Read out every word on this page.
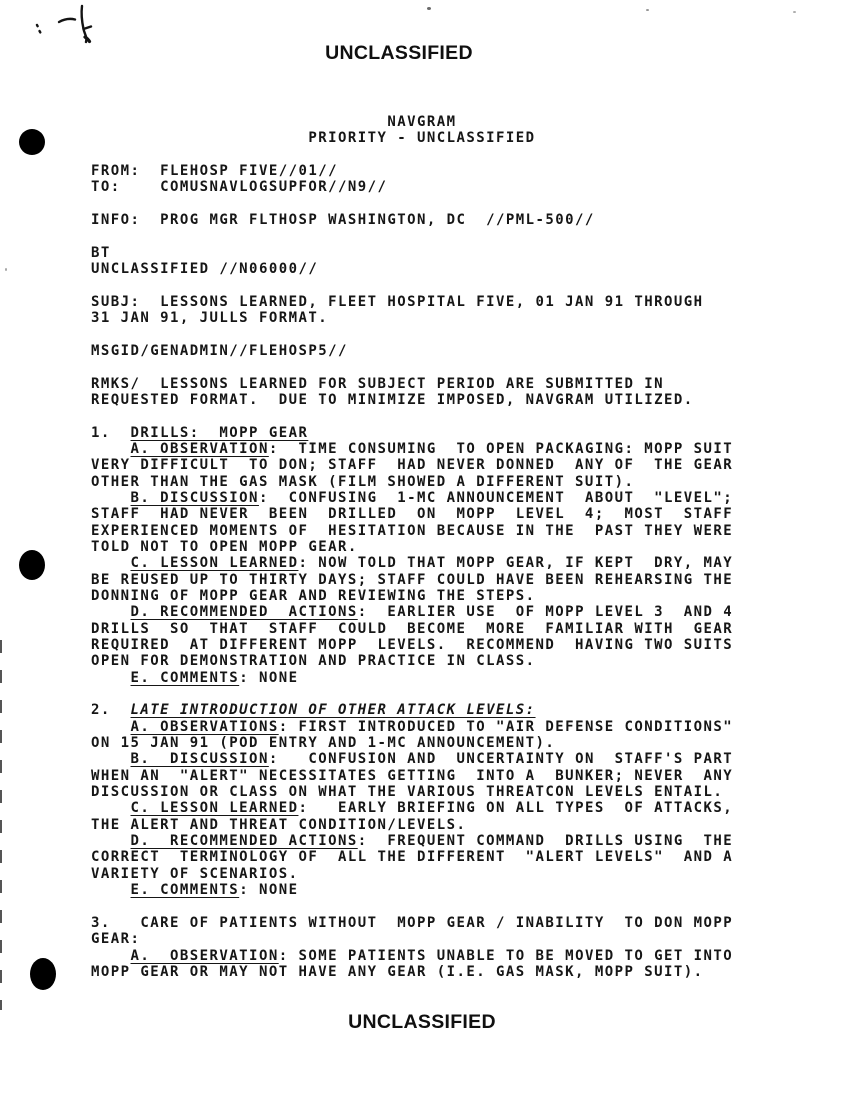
UNCLASSIFIED
NAVGRAM
PRIORITY - UNCLASSIFIED

FROM:  FLEHOSP FIVE//01//
TO:    COMUSNAVLOGSUPFOR//N9//

INFO:  PROG MGR FLTHOSP WASHINGTON, DC  //PML-500//

BT
UNCLASSIFIED //N06000//

SUBJ:  LESSONS LEARNED, FLEET HOSPITAL FIVE, 01 JAN 91 THROUGH
31 JAN 91, JULLS FORMAT.

MSGID/GENADMIN//FLEHOSP5//

RMKS/  LESSONS LEARNED FOR SUBJECT PERIOD ARE SUBMITTED IN
REQUESTED FORMAT.  DUE TO MINIMIZE IMPOSED, NAVGRAM UTILIZED.

1.  DRILLS:  MOPP GEAR
A. OBSERVATION:  TIME CONSUMING  TO OPEN PACKAGING: MOPP SUIT
VERY DIFFICULT  TO DON; STAFF  HAD NEVER DONNED  ANY OF  THE GEAR
OTHER THAN THE GAS MASK (FILM SHOWED A DIFFERENT SUIT).
B. DISCUSSION:  CONFUSING  1-MC ANNOUNCEMENT  ABOUT  "LEVEL";
STAFF  HAD NEVER  BEEN  DRILLED  ON  MOPP  LEVEL  4;  MOST  STAFF
EXPERIENCED MOMENTS OF  HESITATION BECAUSE IN THE  PAST THEY WERE
TOLD NOT TO OPEN MOPP GEAR.
C. LESSON LEARNED: NOW TOLD THAT MOPP GEAR, IF KEPT  DRY, MAY
BE REUSED UP TO THIRTY DAYS; STAFF COULD HAVE BEEN REHEARSING THE
DONNING OF MOPP GEAR AND REVIEWING THE STEPS.
D. RECOMMENDED  ACTIONS:  EARLIER USE  OF MOPP LEVEL 3  AND 4
DRILLS  SO  THAT  STAFF  COULD  BECOME  MORE  FAMILIAR WITH  GEAR
REQUIRED  AT DIFFERENT MOPP  LEVELS.  RECOMMEND  HAVING TWO SUITS
OPEN FOR DEMONSTRATION AND PRACTICE IN CLASS.
E. COMMENTS: NONE

2.  LATE INTRODUCTION OF OTHER ATTACK LEVELS:
A. OBSERVATIONS: FIRST INTRODUCED TO "AIR DEFENSE CONDITIONS"
ON 15 JAN 91 (POD ENTRY AND 1-MC ANNOUNCEMENT).
B.  DISCUSSION:   CONFUSION AND  UNCERTAINTY ON  STAFF'S PART
WHEN AN  "ALERT" NECESSITATES GETTING  INTO A  BUNKER; NEVER  ANY
DISCUSSION OR CLASS ON WHAT THE VARIOUS THREATCON LEVELS ENTAIL.
C. LESSON LEARNED:   EARLY BRIEFING ON ALL TYPES  OF ATTACKS,
THE ALERT AND THREAT CONDITION/LEVELS.
D.  RECOMMENDED ACTIONS:  FREQUENT COMMAND  DRILLS USING  THE
CORRECT  TERMINOLOGY OF  ALL THE DIFFERENT  "ALERT LEVELS"  AND A
VARIETY OF SCENARIOS.
E. COMMENTS: NONE

3.   CARE OF PATIENTS WITHOUT  MOPP GEAR / INABILITY  TO DON MOPP
GEAR:
A.  OBSERVATION: SOME PATIENTS UNABLE TO BE MOVED TO GET INTO
MOPP GEAR OR MAY NOT HAVE ANY GEAR (I.E. GAS MASK, MOPP SUIT).
UNCLASSIFIED
